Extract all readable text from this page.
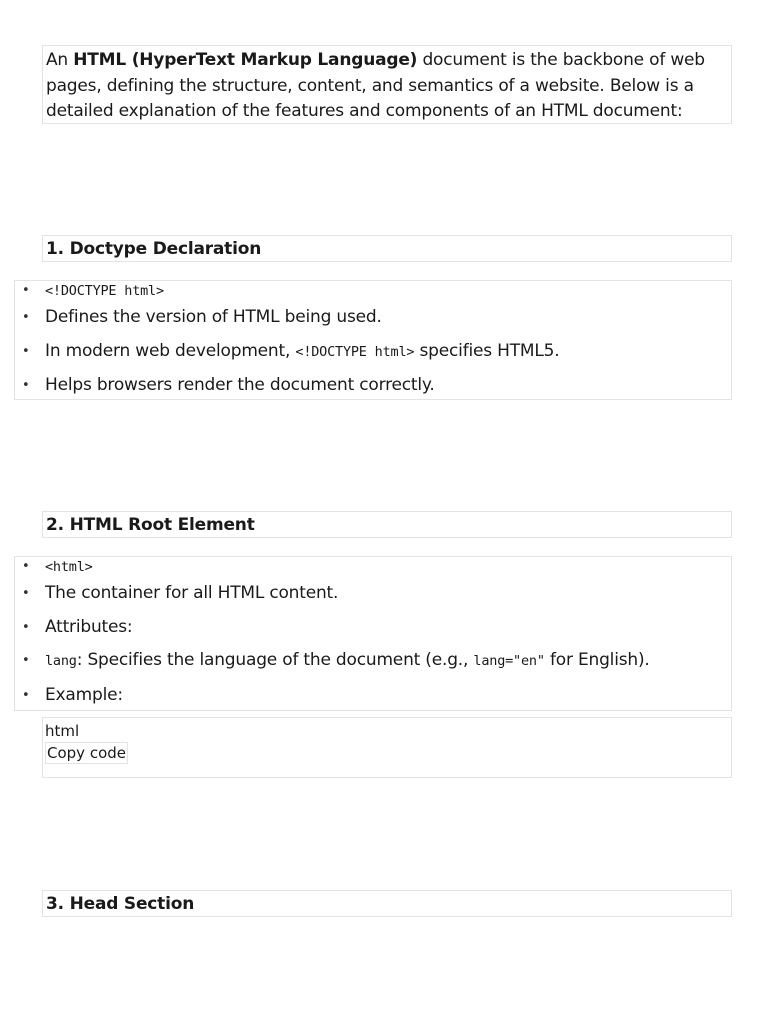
An HTML (HyperText Markup Language) document is the backbone of web pages, defining the structure, content, and semantics of a website. Below is a detailed explanation of the features and components of an HTML document:
1. Doctype Declaration
• <!DOCTYPE html>
• Defines the version of HTML being used.
• In modern web development, <!DOCTYPE html> specifies HTML5.
• Helps browsers render the document correctly.
2. HTML Root Element
• <html>
• The container for all HTML content.
• Attributes:
• lang: Specifies the language of the document (e.g., lang="en" for English).
• Example:
html
Copy code
3. Head Section
